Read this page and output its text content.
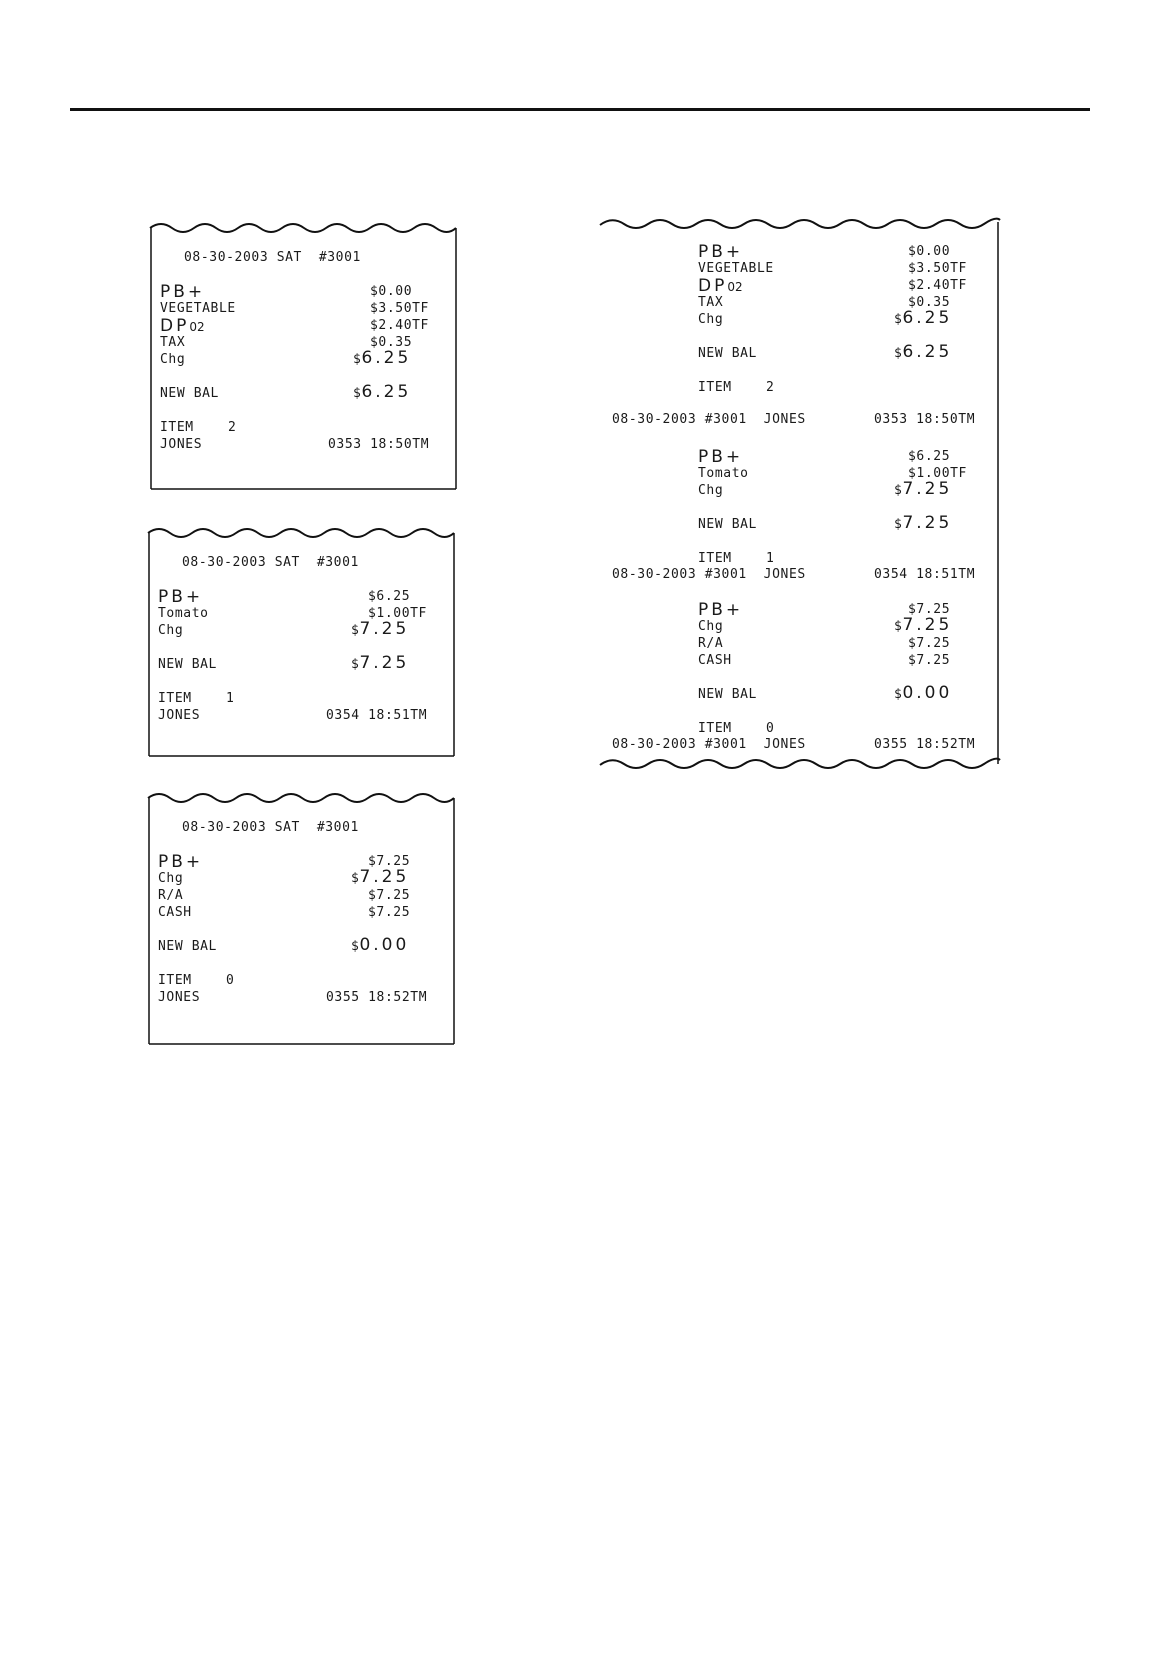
08-30-2003 SAT  #3001
PB+	$0.00
VEGETABLE	$3.50TF
DP02	$2.40TF
TAX	$0.35
Chg	$6.25
NEW BAL	$6.25
ITEM	2
JONES	0353 18:50TM
08-30-2003 SAT  #3001
PB+	$6.25
Tomato	$1.00TF
Chg	$7.25
NEW BAL	$7.25
ITEM	1
JONES	0354 18:51TM
08-30-2003 SAT  #3001
PB+	$7.25
Chg	$7.25
R/A	$7.25
CASH	$7.25
NEW BAL	$0.00
ITEM	0
JONES	0355 18:52TM
PB+	$0.00
VEGETABLE	$3.50TF
DP02	$2.40TF
TAX	$0.35
Chg	$6.25
NEW BAL	$6.25
ITEM	2
08-30-2003 #3001  JONES	0353 18:50TM
PB+	$6.25
Tomato	$1.00TF
Chg	$7.25
NEW BAL	$7.25
ITEM	1
08-30-2003 #3001  JONES	0354 18:51TM
PB+	$7.25
Chg	$7.25
R/A	$7.25
CASH	$7.25
NEW BAL	$0.00
ITEM	0
08-30-2003 #3001  JONES	0355 18:52TM
